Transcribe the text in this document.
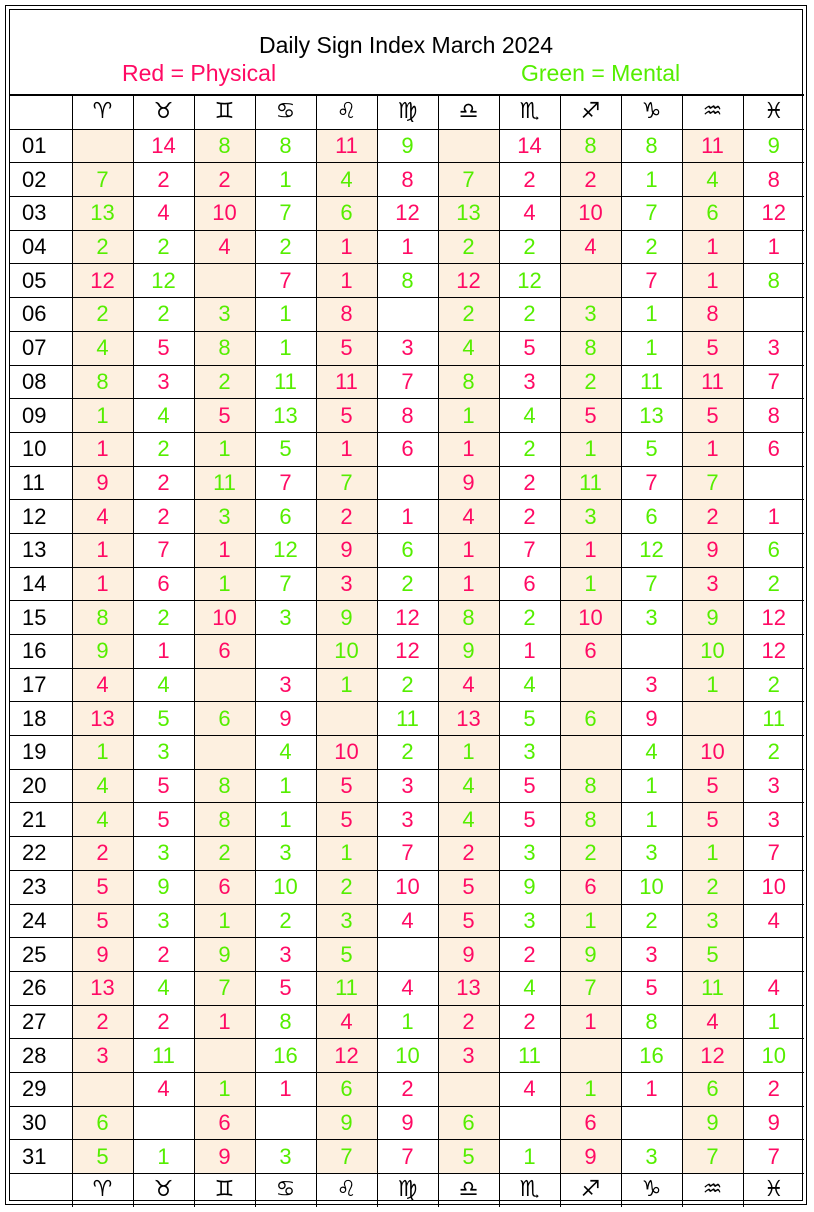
Daily Sign Index March 2024
Red = Physical	Green = Mental
	♈︎	♉︎	♊︎	♋︎	♌︎	♍︎	♎︎	♏︎	♐︎	♑︎	♒︎	♓︎
01		14	8	8	11	9		14	8	8	11	9
02	7	2	2	1	4	8	7	2	2	1	4	8
03	13	4	10	7	6	12	13	4	10	7	6	12
04	2	2	4	2	1	1	2	2	4	2	1	1
05	12	12		7	1	8	12	12		7	1	8
06	2	2	3	1	8		2	2	3	1	8	
07	4	5	8	1	5	3	4	5	8	1	5	3
08	8	3	2	11	11	7	8	3	2	11	11	7
09	1	4	5	13	5	8	1	4	5	13	5	8
10	1	2	1	5	1	6	1	2	1	5	1	6
11	9	2	11	7	7		9	2	11	7	7	
12	4	2	3	6	2	1	4	2	3	6	2	1
13	1	7	1	12	9	6	1	7	1	12	9	6
14	1	6	1	7	3	2	1	6	1	7	3	2
15	8	2	10	3	9	12	8	2	10	3	9	12
16	9	1	6		10	12	9	1	6		10	12
17	4	4		3	1	2	4	4		3	1	2
18	13	5	6	9		11	13	5	6	9		11
19	1	3		4	10	2	1	3		4	10	2
20	4	5	8	1	5	3	4	5	8	1	5	3
21	4	5	8	1	5	3	4	5	8	1	5	3
22	2	3	2	3	1	7	2	3	2	3	1	7
23	5	9	6	10	2	10	5	9	6	10	2	10
24	5	3	1	2	3	4	5	3	1	2	3	4
25	9	2	9	3	5		9	2	9	3	5	
26	13	4	7	5	11	4	13	4	7	5	11	4
27	2	2	1	8	4	1	2	2	1	8	4	1
28	3	11		16	12	10	3	11		16	12	10
29		4	1	1	6	2		4	1	1	6	2
30	6		6		9	9	6		6		9	9
31	5	1	9	3	7	7	5	1	9	3	7	7
	♈︎	♉︎	♊︎	♋︎	♌︎	♍︎	♎︎	♏︎	♐︎	♑︎	♒︎	♓︎
